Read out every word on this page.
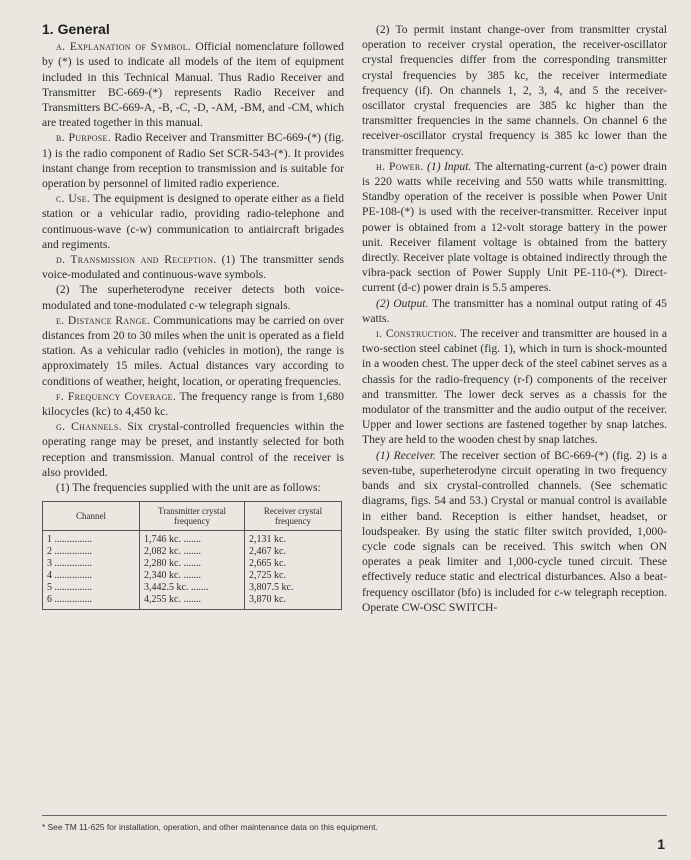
1. General

a. Explanation of Symbol. Official nomenclature followed by (*) is used to indicate all models of the item of equipment included in this Technical Manual. Thus Radio Receiver and Transmitter BC-669-(*) represents Radio Receiver and Transmitters BC-669-A, -B, -C, -D, -AM, -BM, and -CM, which are treated together in this manual.

b. Purpose. Radio Receiver and Transmitter BC-669-(*) (fig. 1) is the radio component of Radio Set SCR-543-(*). It provides instant change from reception to transmission and is suitable for operation by personnel of limited radio experience.

c. Use. The equipment is designed to operate either as a field station or a vehicular radio, providing radio-telephone and continuous-wave (c-w) communication to antiaircraft brigades and regiments.

d. Transmission and Reception. (1) The transmitter sends voice-modulated and continuous-wave symbols.

(2) The superheterodyne receiver detects both voice-modulated and tone-modulated c-w telegraph signals.

e. Distance Range. Communications may be carried on over distances from 20 to 30 miles when the unit is operated as a field station. As a vehicular radio (vehicles in motion), the range is approximately 15 miles. Actual distances vary according to conditions of weather, height, location, or operating frequencies.

f. Frequency Coverage. The frequency range is from 1,680 kilocycles (kc) to 4,450 kc.

g. Channels. Six crystal-controlled frequencies within the operating range may be preset, and instantly selected for both reception and transmission. Manual control of the receiver is also provided.

(1) The frequencies supplied with the unit are as follows:

Channel	Transmitter crystal frequency	Receiver crystal frequency
1 ...............	1,746 kc. .......	2,131 kc.
2 ...............	2,082 kc. .......	2,467 kc.
3 ...............	2,280 kc. .......	2,665 kc.
4 ...............	2,340 kc. .......	2,725 kc.
5 ...............	3,442.5 kc. .......	3,807.5 kc.
6 ...............	4,255 kc. .......	3,870 kc.

(2) To permit instant change-over from transmitter crystal operation to receiver crystal operation, the receiver-oscillator crystal frequencies differ from the corresponding transmitter crystal frequencies by 385 kc, the receiver intermediate frequency (if). On channels 1, 2, 3, 4, and 5 the receiver-oscillator crystal frequencies are 385 kc higher than the transmitter frequencies in the same channels. On channel 6 the receiver-oscillator crystal frequency is 385 kc lower than the transmitter frequency.

h. Power. (1) Input. The alternating-current (a-c) power drain is 220 watts while receiving and 550 watts while transmitting. Standby operation of the receiver is possible when Power Unit PE-108-(*) is used with the receiver-transmitter. Receiver input power is obtained from a 12-volt storage battery in the power unit. Receiver filament voltage is obtained from the battery directly. Receiver plate voltage is obtained indirectly through the vibra-pack section of Power Supply Unit PE-110-(*). Direct-current (d-c) power drain is 5.5 amperes.

(2) Output. The transmitter has a nominal output rating of 45 watts.

i. Construction. The receiver and transmitter are housed in a two-section steel cabinet (fig. 1), which in turn is shock-mounted in a wooden chest. The upper deck of the steel cabinet serves as a chassis for the radio-frequency (r-f) components of the receiver and transmitter. The lower deck serves as a chassis for the modulator of the transmitter and the audio output of the receiver. Upper and lower sections are fastened together by snap latches. They are held to the wooden chest by snap latches.

(1) Receiver. The receiver section of BC-669-(*) (fig. 2) is a seven-tube, superheterodyne circuit operating in two frequency bands and six crystal-controlled channels. (See schematic diagrams, figs. 54 and 53.) Crystal or manual control is available in either band. Reception is either handset, headset, or loudspeaker. By using the static filter switch provided, 1,000-cycle code signals can be received. This switch when ON operates a peak limiter and 1,000-cycle tuned circuit. These effectively reduce static and electrical disturbances. Also a beat-frequency oscillator (bfo) is included for c-w telegraph reception. Operate CW-OSC SWITCH-

* See TM 11-625 for installation, operation, and other maintenance data on this equipment.
1
